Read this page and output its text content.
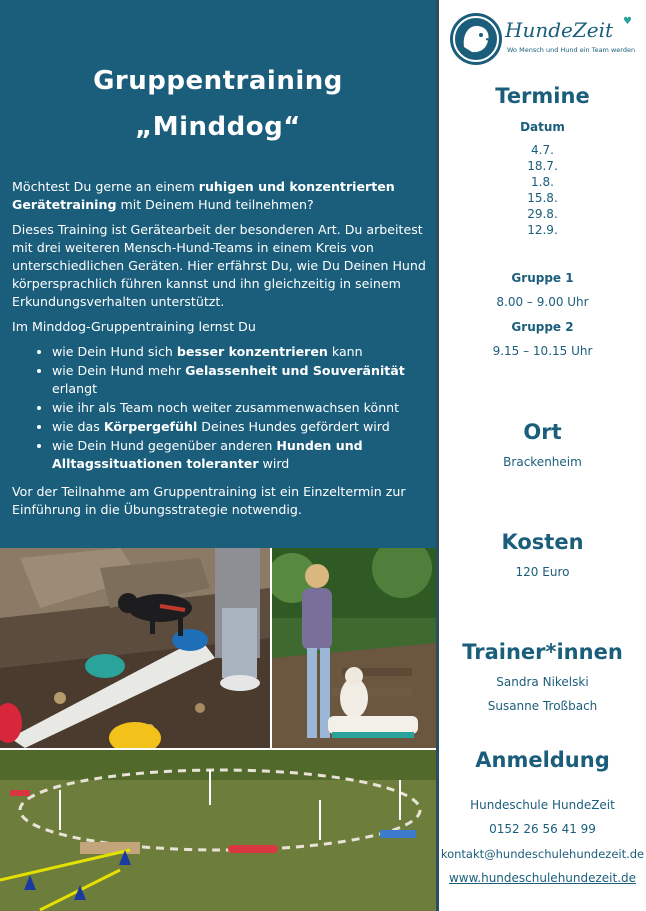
Gruppentraining
„Minddog“

Möchtest Du gerne an einem ruhigen und konzentrierten Gerätetraining mit Deinem Hund teilnehmen?

Dieses Training ist Gerätearbeit der besonderen Art. Du arbeitest mit drei weiteren Mensch-Hund-Teams in einem Kreis von unterschiedlichen Geräten. Hier erfährst Du, wie Du Deinen Hund körpersprachlich führen kannst und ihn gleichzeitig in seinem Erkundungsverhalten unterstützt.

Im Minddog-Gruppentraining lernst Du

• wie Dein Hund sich besser konzentrieren kann
• wie Dein Hund mehr Gelassenheit und Souveränität erlangt
• wie ihr als Team noch weiter zusammenwachsen könnt
• wie das Körpergefühl Deines Hundes gefördert wird
• wie Dein Hund gegenüber anderen Hunden und Alltagssituationen toleranter wird

Vor der Teilnahme am Gruppentraining ist ein Einzeltermin zur Einführung in die Übungsstrategie notwendig.

HundeZeit ♥
Wo Mensch und Hund ein Team werden
Termine
Datum
4.7.
18.7.
1.8.
15.8.
29.8.
12.9.
Gruppe 1
8.00 – 9.00 Uhr
Gruppe 2
9.15 – 10.15 Uhr
Ort
Brackenheim
Kosten
120 Euro
Trainer*innen
Sandra Nikelski
Susanne Troßbach
Anmeldung
Hundeschule HundeZeit
0152 26 56 41 99
kontakt@hundeschulehundezeit.de
www.hundeschulehundezeit.de
